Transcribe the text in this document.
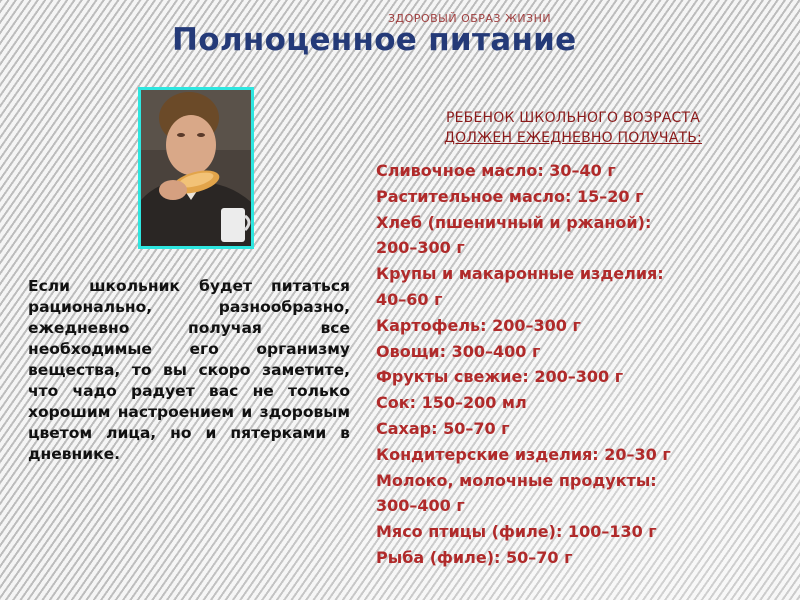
ЗДОРОВЫЙ ОБРАЗ ЖИЗНИ
Полноценное питание
Если школьник будет питаться рационально, разнообразно, ежедневно получая все необходимые его организму вещества, то вы скоро заметите, что чадо радует вас не только хорошим настроением и здоровым цветом лица, но и пятерками в дневнике.
РЕБЕНОК ШКОЛЬНОГО ВОЗРАСТА
ДОЛЖЕН ЕЖЕДНЕВНО ПОЛУЧАТЬ:
Сливочное масло: 30–40 г
Растительное масло: 15–20 г
Хлеб (пшеничный и ржаной):
200–300 г
Крупы и макаронные изделия:
40–60 г
Картофель: 200–300 г
Овощи: 300–400 г
Фрукты свежие: 200–300 г
Сок: 150–200 мл
Сахар: 50–70 г
Кондитерские изделия: 20–30 г
Молоко, молочные продукты:
300–400 г
Мясо птицы (филе): 100–130 г
Рыба (филе): 50–70 г
